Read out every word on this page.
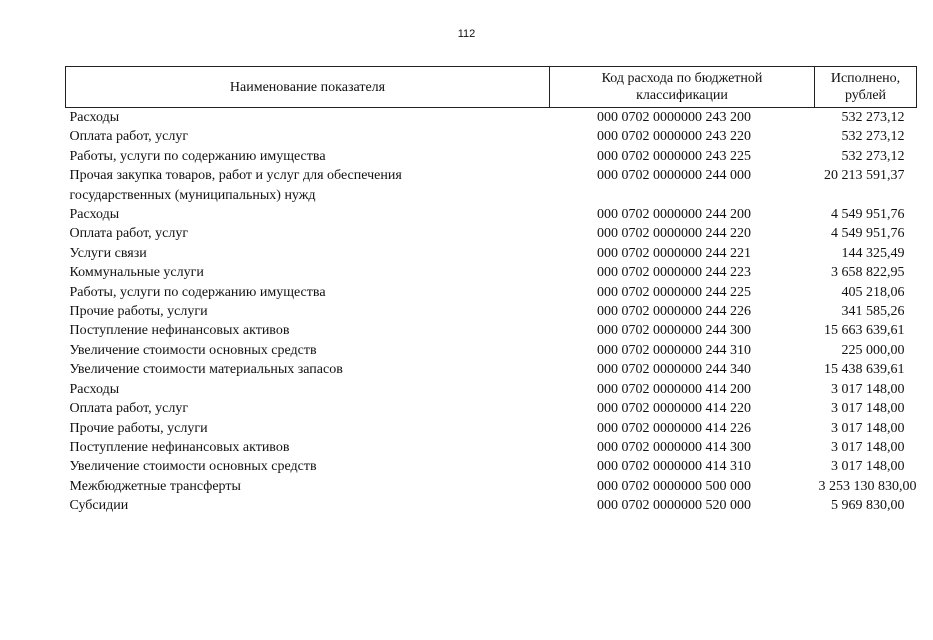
112
Наименование показателя	Код расхода по бюджетной классификации	Исполнено, рублей
Расходы	000 0702 0000000 243 200	532 273,12
Оплата работ, услуг	000 0702 0000000 243 220	532 273,12
Работы, услуги по содержанию имущества	000 0702 0000000 243 225	532 273,12
Прочая закупка товаров, работ и услуг для обеспечения государственных (муниципальных) нужд	000 0702 0000000 244 000	20 213 591,37
Расходы	000 0702 0000000 244 200	4 549 951,76
Оплата работ, услуг	000 0702 0000000 244 220	4 549 951,76
Услуги связи	000 0702 0000000 244 221	144 325,49
Коммунальные услуги	000 0702 0000000 244 223	3 658 822,95
Работы, услуги по содержанию имущества	000 0702 0000000 244 225	405 218,06
Прочие работы, услуги	000 0702 0000000 244 226	341 585,26
Поступление нефинансовых активов	000 0702 0000000 244 300	15 663 639,61
Увеличение стоимости основных средств	000 0702 0000000 244 310	225 000,00
Увеличение стоимости материальных запасов	000 0702 0000000 244 340	15 438 639,61
Расходы	000 0702 0000000 414 200	3 017 148,00
Оплата работ, услуг	000 0702 0000000 414 220	3 017 148,00
Прочие работы, услуги	000 0702 0000000 414 226	3 017 148,00
Поступление нефинансовых активов	000 0702 0000000 414 300	3 017 148,00
Увеличение стоимости основных средств	000 0702 0000000 414 310	3 017 148,00
Межбюджетные трансферты	000 0702 0000000 500 000	3 253 130 830,00
Субсидии	000 0702 0000000 520 000	5 969 830,00
